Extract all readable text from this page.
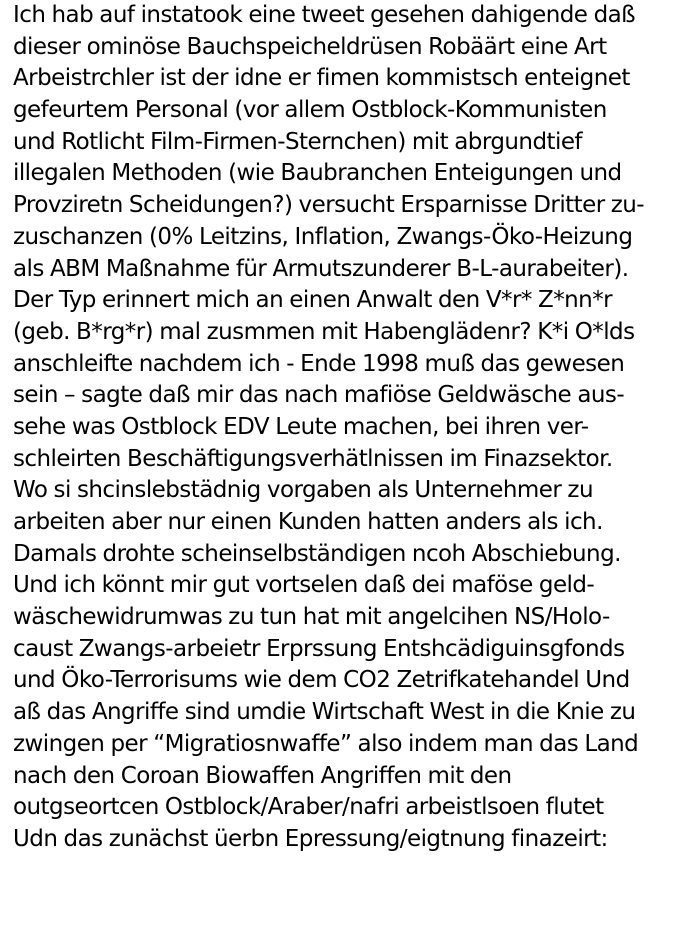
Ich hab auf instatook eine tweet gesehen dahigende daß
dieser ominöse Bauchspeicheldrüsen Robäärt eine Art
Arbeistrchler ist der idne er fimen kommistsch enteignet
gefeurtem Personal (vor allem Ostblock-Kommunisten
und Rotlicht Film-Firmen-Sternchen) mit abrgundtief
illegalen Methoden (wie Baubranchen Enteigungen und
Provziretn Scheidungen?) versucht Ersparnisse Dritter zu-
zuschanzen (0% Leitzins, Inflation, Zwangs-Öko-Heizung
als ABM Maßnahme für Armutszunderer B-L-aurabeiter).
Der Typ erinnert mich an einen Anwalt den V*r* Z*nn*r
(geb. B*rg*r) mal zusmmen mit Habenglädenr? K*i O*lds
anschleifte nachdem ich - Ende 1998 muß das gewesen
sein – sagte daß mir das nach mafiöse Geldwäsche aus-
sehe was Ostblock EDV Leute machen, bei ihren ver-
schleirten Beschäftigungsverhätlnissen im Finazsektor.
Wo si shcinslebstädnig vorgaben als Unternehmer zu
arbeiten aber nur einen Kunden hatten anders als ich.
Damals drohte scheinselbständigen ncoh Abschiebung.
Und ich könnt mir gut vortselen daß dei maföse geld-
wäschewidrumwas zu tun hat mit angelcihen NS/Holo-
caust Zwangs-arbeietr Erprssung Entshcädiguinsgfonds
und Öko-Terrorisums wie dem CO2 Zetrifkatehandel Und
aß das Angriffe sind umdie Wirtschaft West in die Knie zu
zwingen per “Migratiosnwaffe” also indem man das Land
nach den Coroan Biowaffen Angriffen mit den
outgseortcen Ostblock/Araber/nafri arbeistlsoen flutet
Udn das zunächst üerbn Epressung/eigtnung finazeirt:
